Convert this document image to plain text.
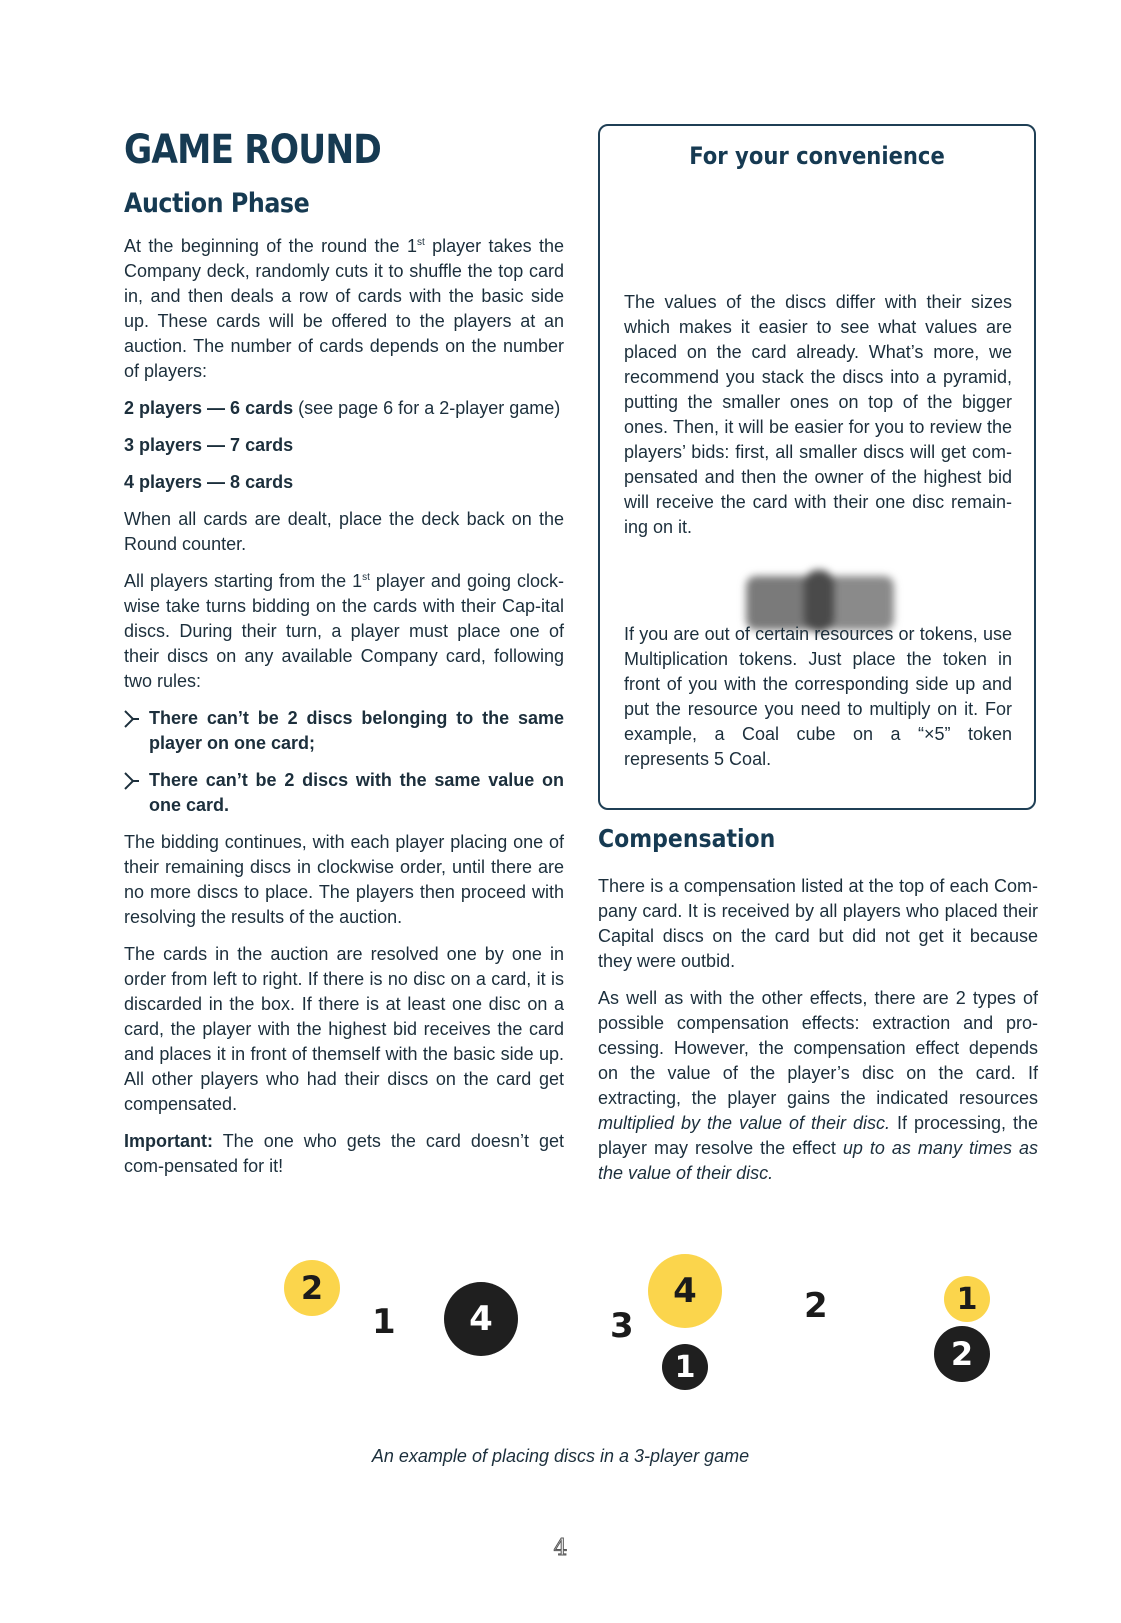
GAME ROUND
Auction Phase

At the beginning of the round the 1st player takes the Company deck, randomly cuts it to shuffle the top card in, and then deals a row of cards with the basic side up. These cards will be offered to the players at an auction. The number of cards depends on the number of players:

2 players — 6 cards (see page 6 for a 2-player game)

3 players — 7 cards

4 players — 8 cards

When all cards are dealt, place the deck back on the Round counter.

All players starting from the 1st player and going clock-wise take turns bidding on the cards with their Cap-ital discs. During their turn, a player must place one of their discs on any available Company card, following two rules:

There can’t be 2 discs belonging to the same player on one card;
There can’t be 2 discs with the same value on one card.

The bidding continues, with each player placing one of their remaining discs in clockwise order, until there are no more discs to place. The players then proceed with resolving the results of the auction.

The cards in the auction are resolved one by one in order from left to right. If there is no disc on a card, it is discarded in the box. If there is at least one disc on a card, the player with the highest bid receives the card and places it in front of themself with the basic side up. All other players who had their discs on the card get compensated.

Important: The one who gets the card doesn’t get com-pensated for it!

For your convenience

The values of the discs differ with their sizes which makes it easier to see what values are placed on the card already. What’s more, we recommend you stack the discs into a pyramid, putting the smaller ones on top of the bigger ones. Then, it will be easier for you to review the players’ bids: first, all smaller discs will get com-pensated and then the owner of the highest bid will receive the card with their one disc remain-ing on it.

If you are out of certain resources or tokens, use Multiplication tokens. Just place the token in front of you with the corresponding side up and put the resource you need to multiply on it. For example, a Coal cube on a “×5” token represents 5 Coal.

Compensation

There is a compensation listed at the top of each Com-pany card. It is received by all players who placed their Capital discs on the card but did not get it because they were outbid.

As well as with the other effects, there are 2 types of possible compensation effects: extraction and pro-cessing. However, the compensation effect depends on the value of the player’s disc on the card. If extracting, the player gains the indicated resources multiplied by the value of their disc. If processing, the player may resolve the effect up to as many times as the value of their disc.

2
1	4	3
4
1
2	1
2
An example of placing discs in a 3-player game
4
